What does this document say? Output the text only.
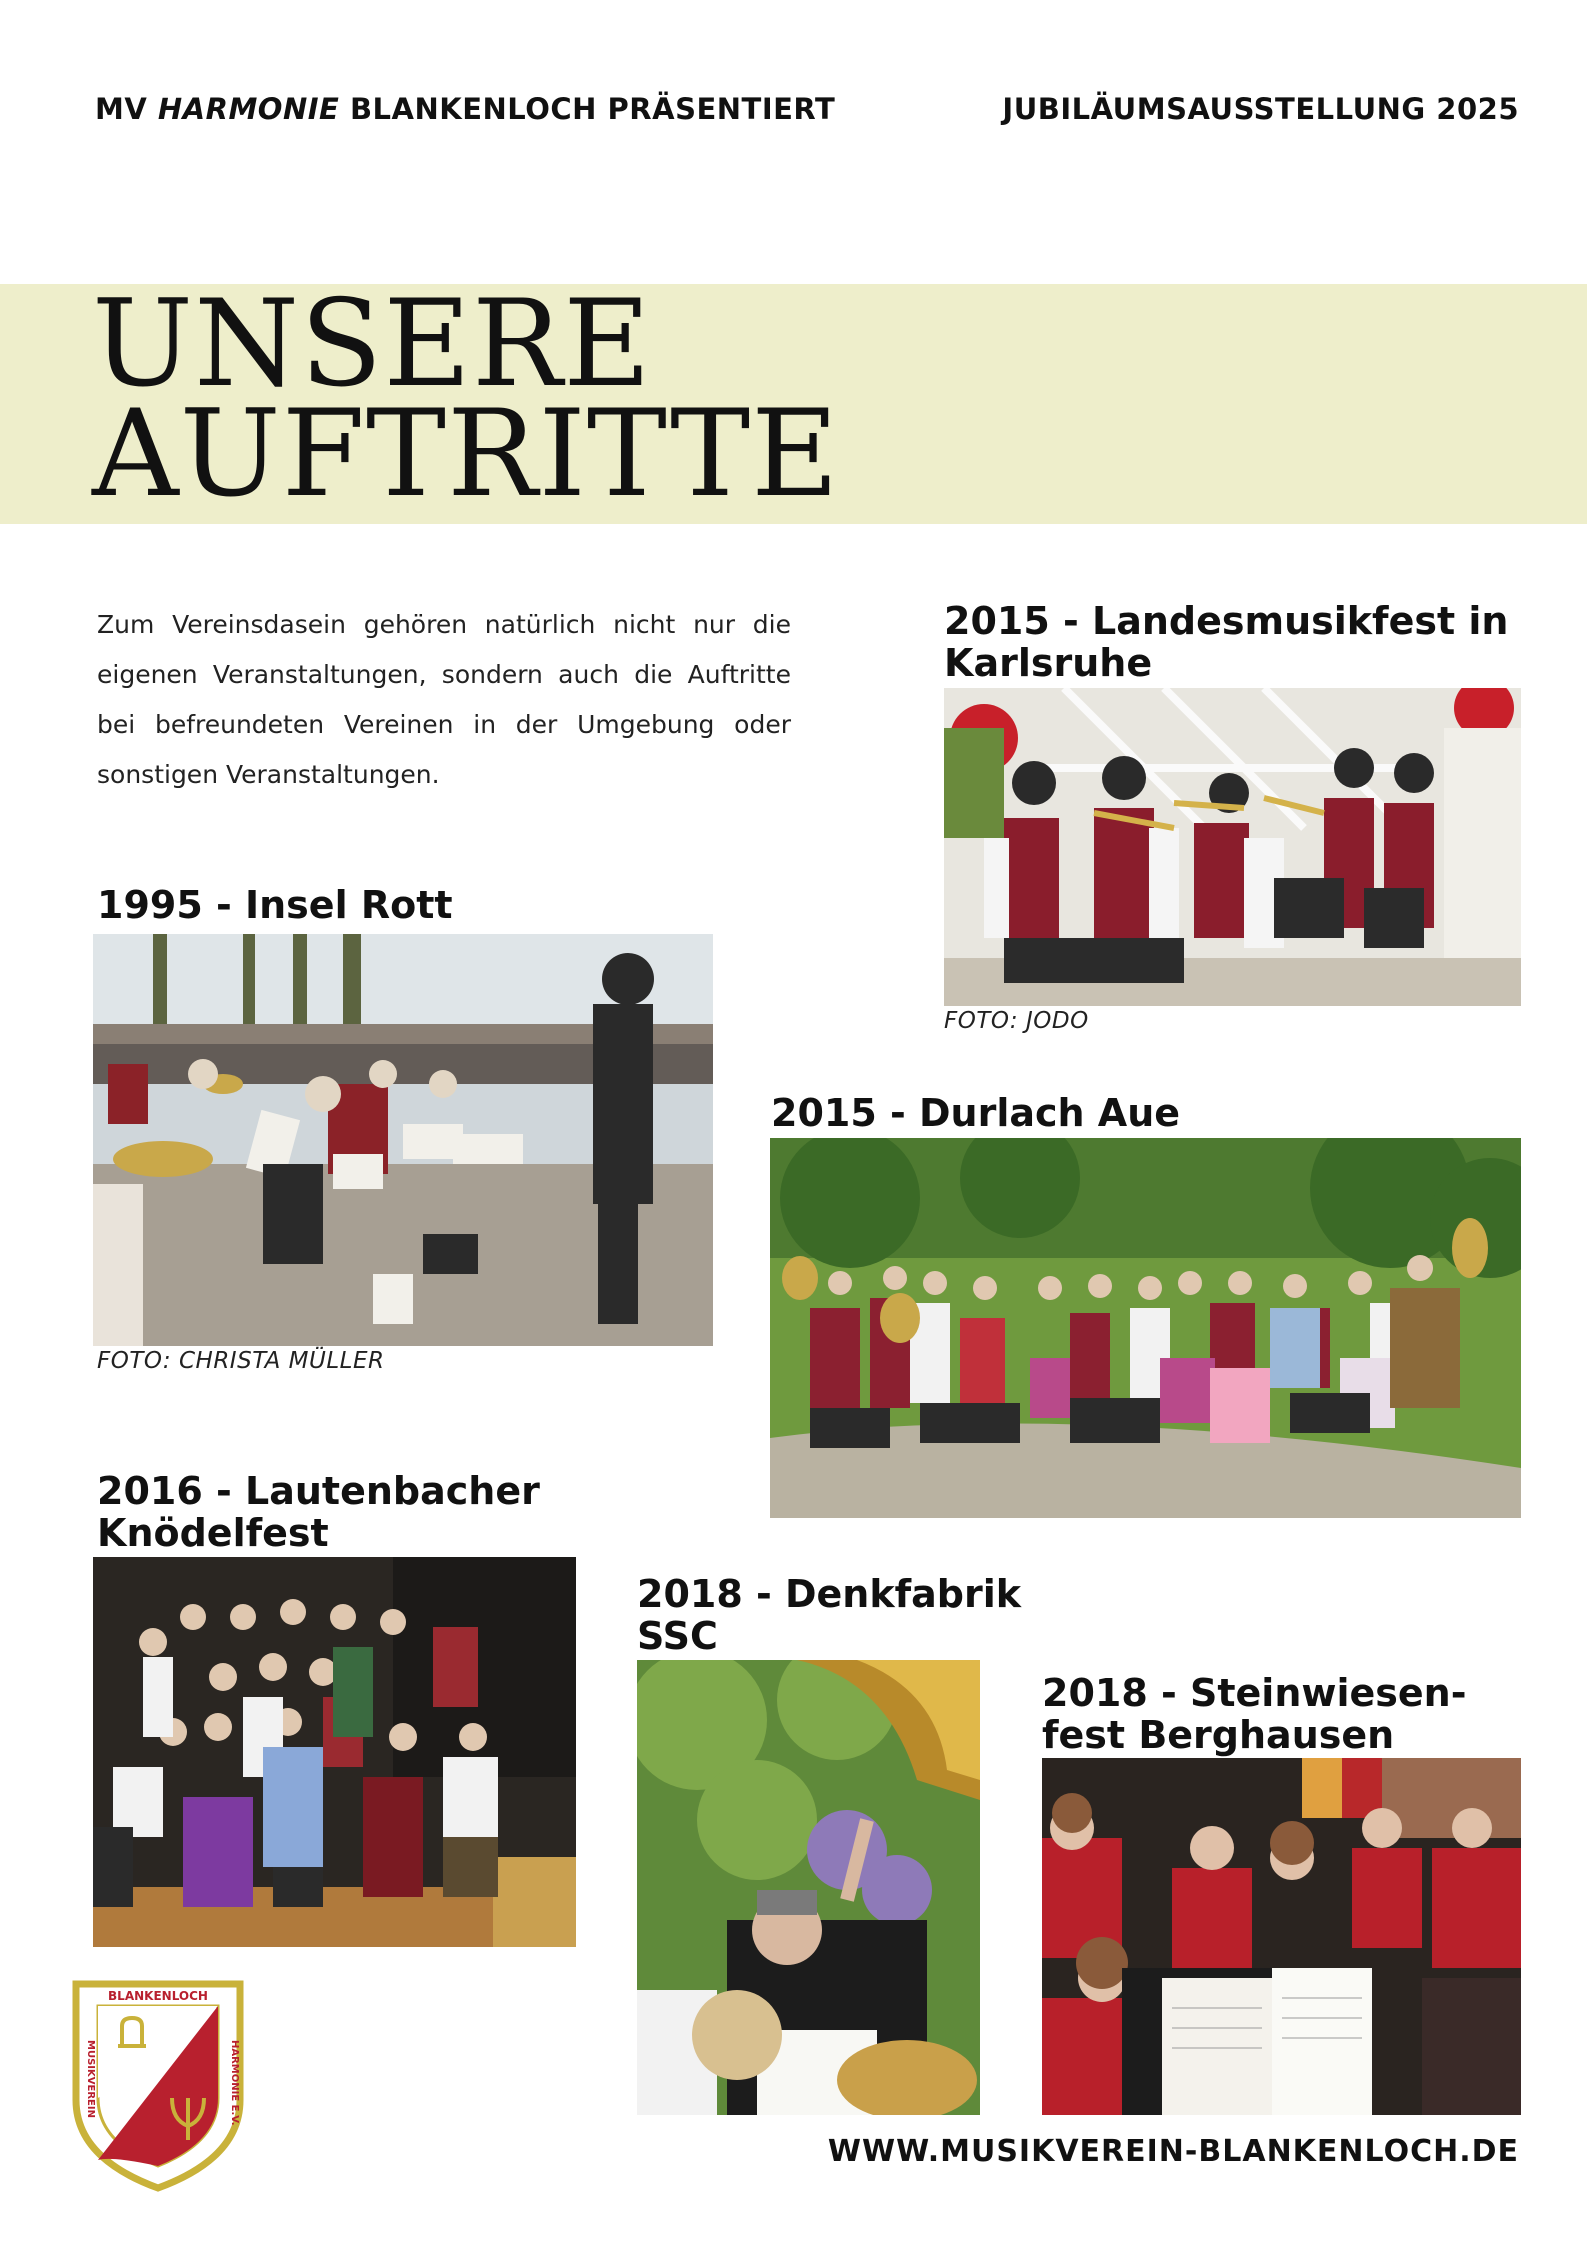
MV HARMONIE BLANKENLOCH PRÄSENTIERT	JUBILÄUMSAUSSTELLUNG 2025
UNSERE
AUFTRITTE
Zum Vereinsdasein gehören natürlich nicht nur die eigenen Veranstaltungen, sondern auch die Auftritte bei befreundeten Vereinen in der Umgebung oder sonstigen Veranstaltungen.
2015 - Landesmusikfest in
Karlsruhe
FOTO: JODO
1995 - Insel Rott
FOTO: CHRISTA MÜLLER
2015 - Durlach Aue
2016 - Lautenbacher
Knödelfest
2018 - Denkfabrik
SSC
2018 - Steinwiesen-
fest Berghausen
BLANKENLOCH
MUSIKVEREIN	HARMONIE E.V.
WWW.MUSIKVEREIN-BLANKENLOCH.DE
